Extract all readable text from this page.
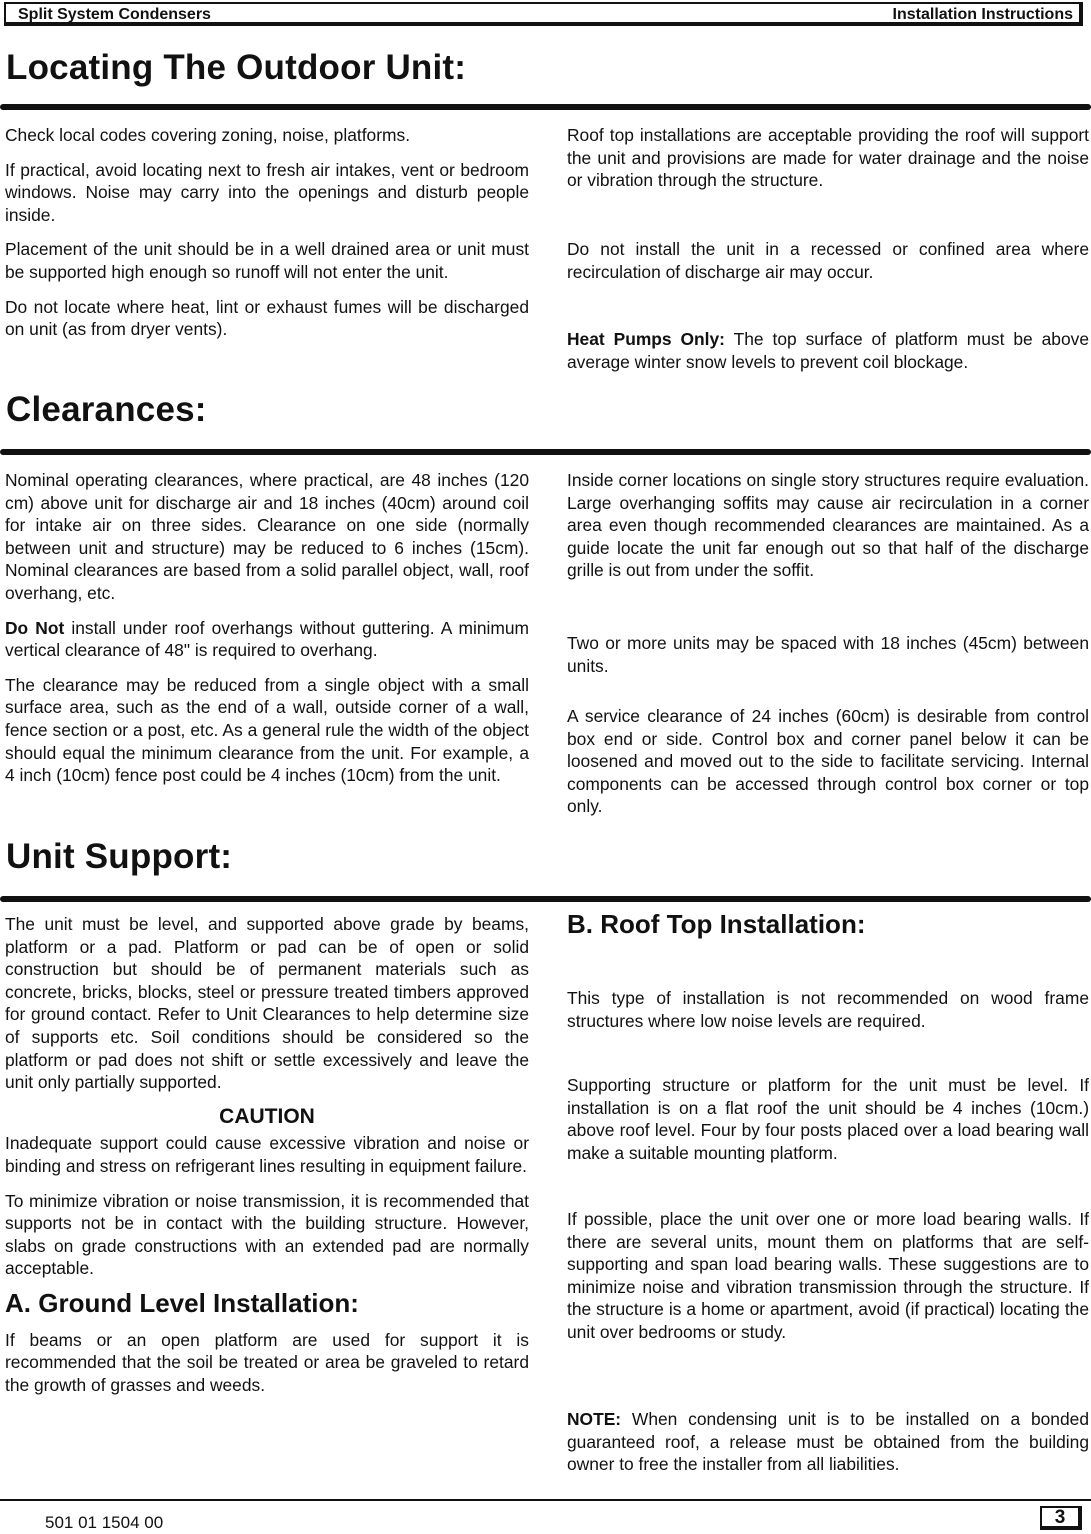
Split System Condensers	Installation Instructions
Locating The Outdoor Unit:

Check local codes covering zoning, noise, platforms.

If practical, avoid locating next to fresh air intakes, vent or bedroom windows. Noise may carry into the openings and disturb people inside.

Placement of the unit should be in a well drained area or unit must be supported high enough so runoff will not enter the unit.

Do not locate where heat, lint or exhaust fumes will be discharged on unit (as from dryer vents).

Roof top installations are acceptable providing the roof will support the unit and provisions are made for water drainage and the noise or vibration through the structure.

Do not install the unit in a recessed or confined area where recirculation of discharge air may occur.

Heat Pumps Only: The top surface of platform must be above average winter snow levels to prevent coil blockage.

Clearances:

Nominal operating clearances, where practical, are 48 inches (120 cm) above unit for discharge air and 18 inches (40cm) around coil for intake air on three sides. Clearance on one side (normally between unit and structure) may be reduced to 6 inches (15cm). Nominal clearances are based from a solid parallel object, wall, roof overhang, etc.

Do Not install under roof overhangs without guttering. A minimum vertical clearance of 48" is required to overhang.

The clearance may be reduced from a single object with a small surface area, such as the end of a wall, outside corner of a wall, fence section or a post, etc. As a general rule the width of the object should equal the minimum clearance from the unit. For example, a 4 inch (10cm) fence post could be 4 inches (10cm) from the unit.

Inside corner locations on single story structures require evaluation. Large overhanging soffits may cause air recirculation in a corner area even though recommended clearances are maintained. As a guide locate the unit far enough out so that half of the discharge grille is out from under the soffit.

Two or more units may be spaced with 18 inches (45cm) between units.

A service clearance of 24 inches (60cm) is desirable from control box end or side. Control box and corner panel below it can be loosened and moved out to the side to facilitate servicing. Internal components can be accessed through control box corner or top only.

Unit Support:

The unit must be level, and supported above grade by beams, platform or a pad. Platform or pad can be of open or solid construction but should be of permanent materials such as concrete, bricks, blocks, steel or pressure treated timbers approved for ground contact. Refer to Unit Clearances to help determine size of supports etc. Soil conditions should be considered so the platform or pad does not shift or settle excessively and leave the unit only partially supported.

CAUTION

Inadequate support could cause excessive vibration and noise or binding and stress on refrigerant lines resulting in equipment failure.

To minimize vibration or noise transmission, it is recommended that supports not be in contact with the building structure. However, slabs on grade constructions with an extended pad are normally acceptable.

A. Ground Level Installation:

If beams or an open platform are used for support it is recommended that the soil be treated or area be graveled to retard the growth of grasses and weeds.

B. Roof Top Installation:

This type of installation is not recommended on wood frame structures where low noise levels are required.

Supporting structure or platform for the unit must be level. If installation is on a flat roof the unit should be 4 inches (10cm.) above roof level. Four by four posts placed over a load bearing wall make a suitable mounting platform.

If possible, place the unit over one or more load bearing walls. If there are several units, mount them on platforms that are self-supporting and span load bearing walls. These suggestions are to minimize noise and vibration transmission through the structure. If the structure is a home or apartment, avoid (if practical) locating the unit over bedrooms or study.

NOTE: When condensing unit is to be installed on a bonded guaranteed roof, a release must be obtained from the building owner to free the installer from all liabilities.

501 01 1504 00	3
